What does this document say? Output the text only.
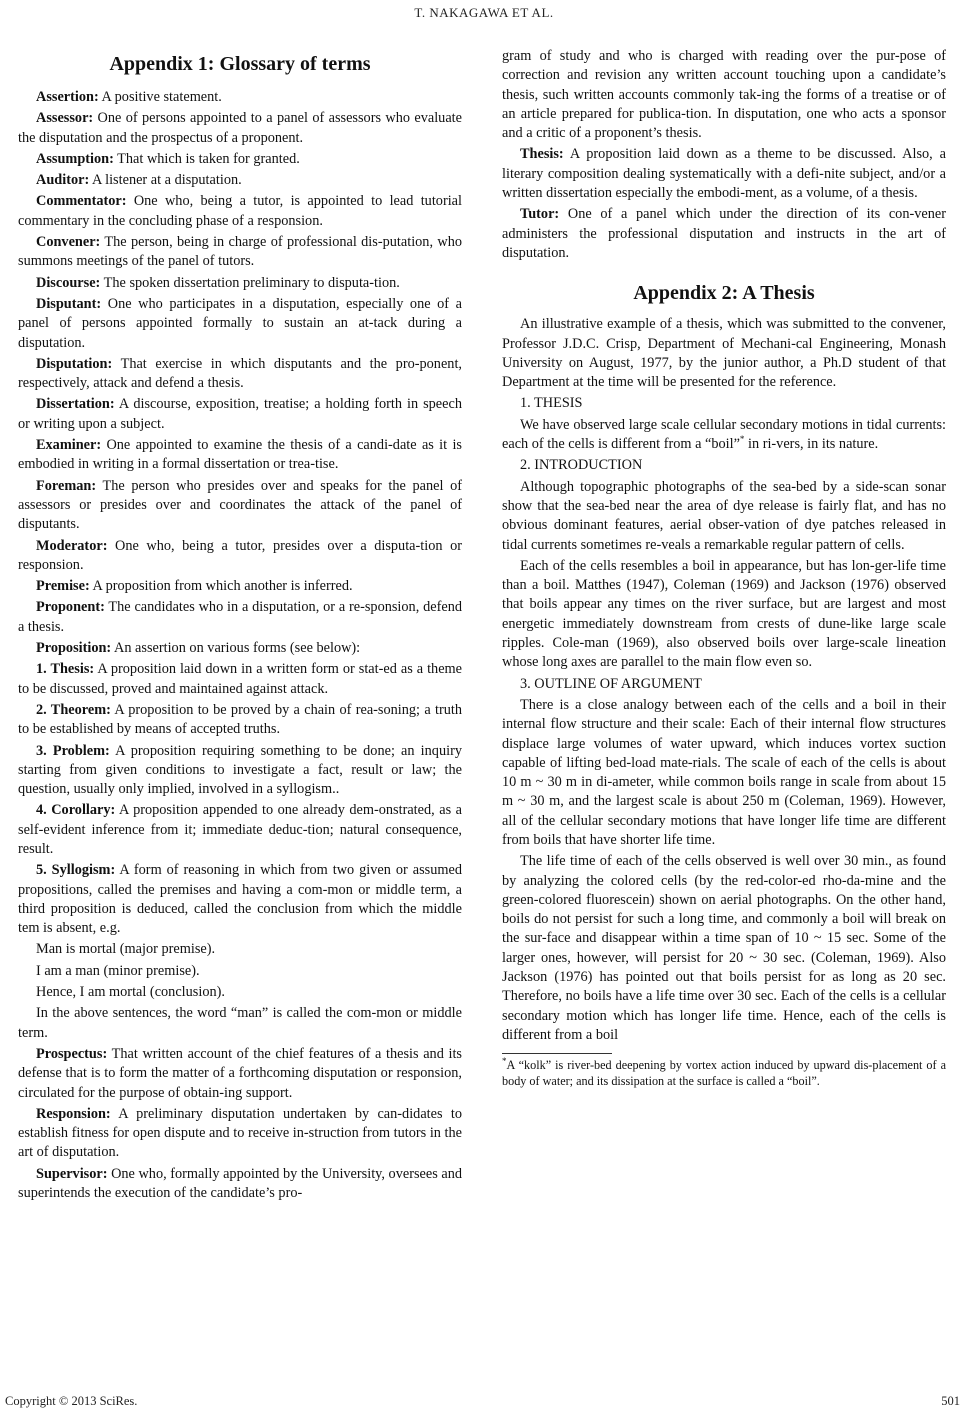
T. NAKAGAWA ET AL.
Appendix 1: Glossary of terms

Assertion: A positive statement.

Assessor: One of persons appointed to a panel of assessors who evaluate the disputation and the prospectus of a proponent.

Assumption: That which is taken for granted.

Auditor: A listener at a disputation.

Commentator: One who, being a tutor, is appointed to lead tutorial commentary in the concluding phase of a responsion.

Convener: The person, being in charge of professional dis-putation, who summons meetings of the panel of tutors.

Discourse: The spoken dissertation preliminary to disputa-tion.

Disputant: One who participates in a disputation, especially one of a panel of persons appointed formally to sustain an at-tack during a disputation.

Disputation: That exercise in which disputants and the pro-ponent, respectively, attack and defend a thesis.

Dissertation: A discourse, exposition, treatise; a holding forth in speech or writing upon a subject.

Examiner: One appointed to examine the thesis of a candi-date as it is embodied in writing in a formal dissertation or trea-tise.

Foreman: The person who presides over and speaks for the panel of assessors or presides over and coordinates the attack of the panel of disputants.

Moderator: One who, being a tutor, presides over a disputa-tion or responsion.

Premise: A proposition from which another is inferred.

Proponent: The candidates who in a disputation, or a re-sponsion, defend a thesis.

Proposition: An assertion on various forms (see below):

1. Thesis: A proposition laid down in a written form or stat-ed as a theme to be discussed, proved and maintained against attack.

2. Theorem: A proposition to be proved by a chain of rea-soning; a truth to be established by means of accepted truths.

3. Problem: A proposition requiring something to be done; an inquiry starting from given conditions to investigate a fact, result or law; the question, usually only implied, involved in a syllogism..

4. Corollary: A proposition appended to one already dem-onstrated, as a self-evident inference from it; immediate deduc-tion; natural consequence, result.

5. Syllogism: A form of reasoning in which from two given or assumed propositions, called the premises and having a com-mon or middle term, a third proposition is deduced, called the conclusion from which the middle tem is absent, e.g.

Man is mortal (major premise).

I am a man (minor premise).

Hence, I am mortal (conclusion).

In the above sentences, the word “man” is called the com-mon or middle term.

Prospectus: That written account of the chief features of a thesis and its defense that is to form the matter of a forthcoming disputation or responsion, circulated for the purpose of obtain-ing support.

Responsion: A preliminary disputation undertaken by can-didates to establish fitness for open dispute and to receive in-struction from tutors in the art of disputation.

Supervisor: One who, formally appointed by the University, oversees and superintends the execution of the candidate’s pro-

gram of study and who is charged with reading over the pur-pose of correction and revision any written account touching upon a candidate’s thesis, such written accounts commonly tak-ing the forms of a treatise or of an article prepared for publica-tion. In disputation, one who acts a sponsor and a critic of a proponent’s thesis.

Thesis: A proposition laid down as a theme to be discussed. Also, a literary composition dealing systematically with a defi-nite subject, and/or a written dissertation especially the embodi-ment, as a volume, of a thesis.

Tutor: One of a panel which under the direction of its con-vener administers the professional disputation and instructs in the art of disputation.

Appendix 2: A Thesis

An illustrative example of a thesis, which was submitted to the convener, Professor J.D.C. Crisp, Department of Mechani-cal Engineering, Monash University on August, 1977, by the junior author, a Ph.D student of that Department at the time will be presented for the reference.

1. THESIS

We have observed large scale cellular secondary motions in tidal currents: each of the cells is different from a “boil”* in ri-vers, in its nature.

2. INTRODUCTION

Although topographic photographs of the sea-bed by a side-scan sonar show that the sea-bed near the area of dye release is fairly flat, and has no obvious dominant features, aerial obser-vation of dye patches released in tidal currents sometimes re-veals a remarkable regular pattern of cells.

Each of the cells resembles a boil in appearance, but has lon-ger-life time than a boil. Matthes (1947), Coleman (1969) and Jackson (1976) observed that boils appear any times on the river surface, but are largest and most energetic immediately downstream from crests of dune-like large scale ripples. Cole-man (1969), also observed boils over large-scale lineation whose long axes are parallel to the main flow even so.

3. OUTLINE OF ARGUMENT

There is a close analogy between each of the cells and a boil in their internal flow structure and their scale: Each of their internal flow structures displace large volumes of water upward, which induces vortex suction capable of lifting bed-load mate-rials. The scale of each of the cells is about 10 m ~ 30 m in di-ameter, while common boils range in scale from about 15 m ~ 30 m, and the largest scale is about 250 m (Coleman, 1969). However, all of the cellular secondary motions that have longer life time are different from boils that have shorter life time.

The life time of each of the cells observed is well over 30 min., as found by analyzing the colored cells (by the red-color-ed rho-da-mine and the green-colored fluorescein) shown on aerial photographs. On the other hand, boils do not persist for such a long time, and commonly a boil will break on the sur-face and disappear within a time span of 10 ~ 15 sec. Some of the larger ones, however, will persist for 20 ~ 30 sec. (Coleman, 1969). Also Jackson (1976) has pointed out that boils persist for as long as 20 sec. Therefore, no boils have a life time over 30 sec. Each of the cells is a cellular secondary motion which has longer life time. Hence, each of the cells is different from a boil

*A “kolk” is river-bed deepening by vortex action induced by upward dis-placement of a body of water; and its dissipation at the surface is called a “boil”.

Copyright © 2013 SciRes.	501
